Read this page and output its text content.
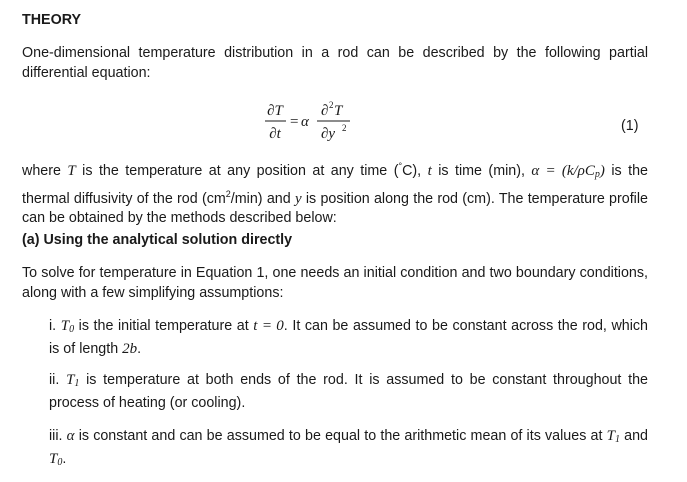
THEORY
One-dimensional temperature distribution in a rod can be described by the following partial differential equation:
∂T
∂t
= α
∂ 2 T
∂y 2	(1)
where T is the temperature at any position at any time (°C), t is time (min), $\alpha = (k/\rho C_p)$ is the thermal diffusivity of the rod $(cm^2/\min)$ and y is position along the rod (cm). The temperature profile can be obtained by the methods described below:
(a) Using the analytical solution directly
To solve for temperature in Equation 1, one needs an initial condition and two boundary conditions, along with a few simplifying assumptions:
i. $T_0$ is the initial temperature at t = 0. It can be assumed to be constant across the rod, which is of length 2b.
ii. $T_1$ is temperature at both ends of the rod. It is assumed to be constant throughout the process of heating (or cooling).
iii. α is constant and can be assumed to be equal to the arithmetic mean of its values at $T_1$ and $T_0$.
